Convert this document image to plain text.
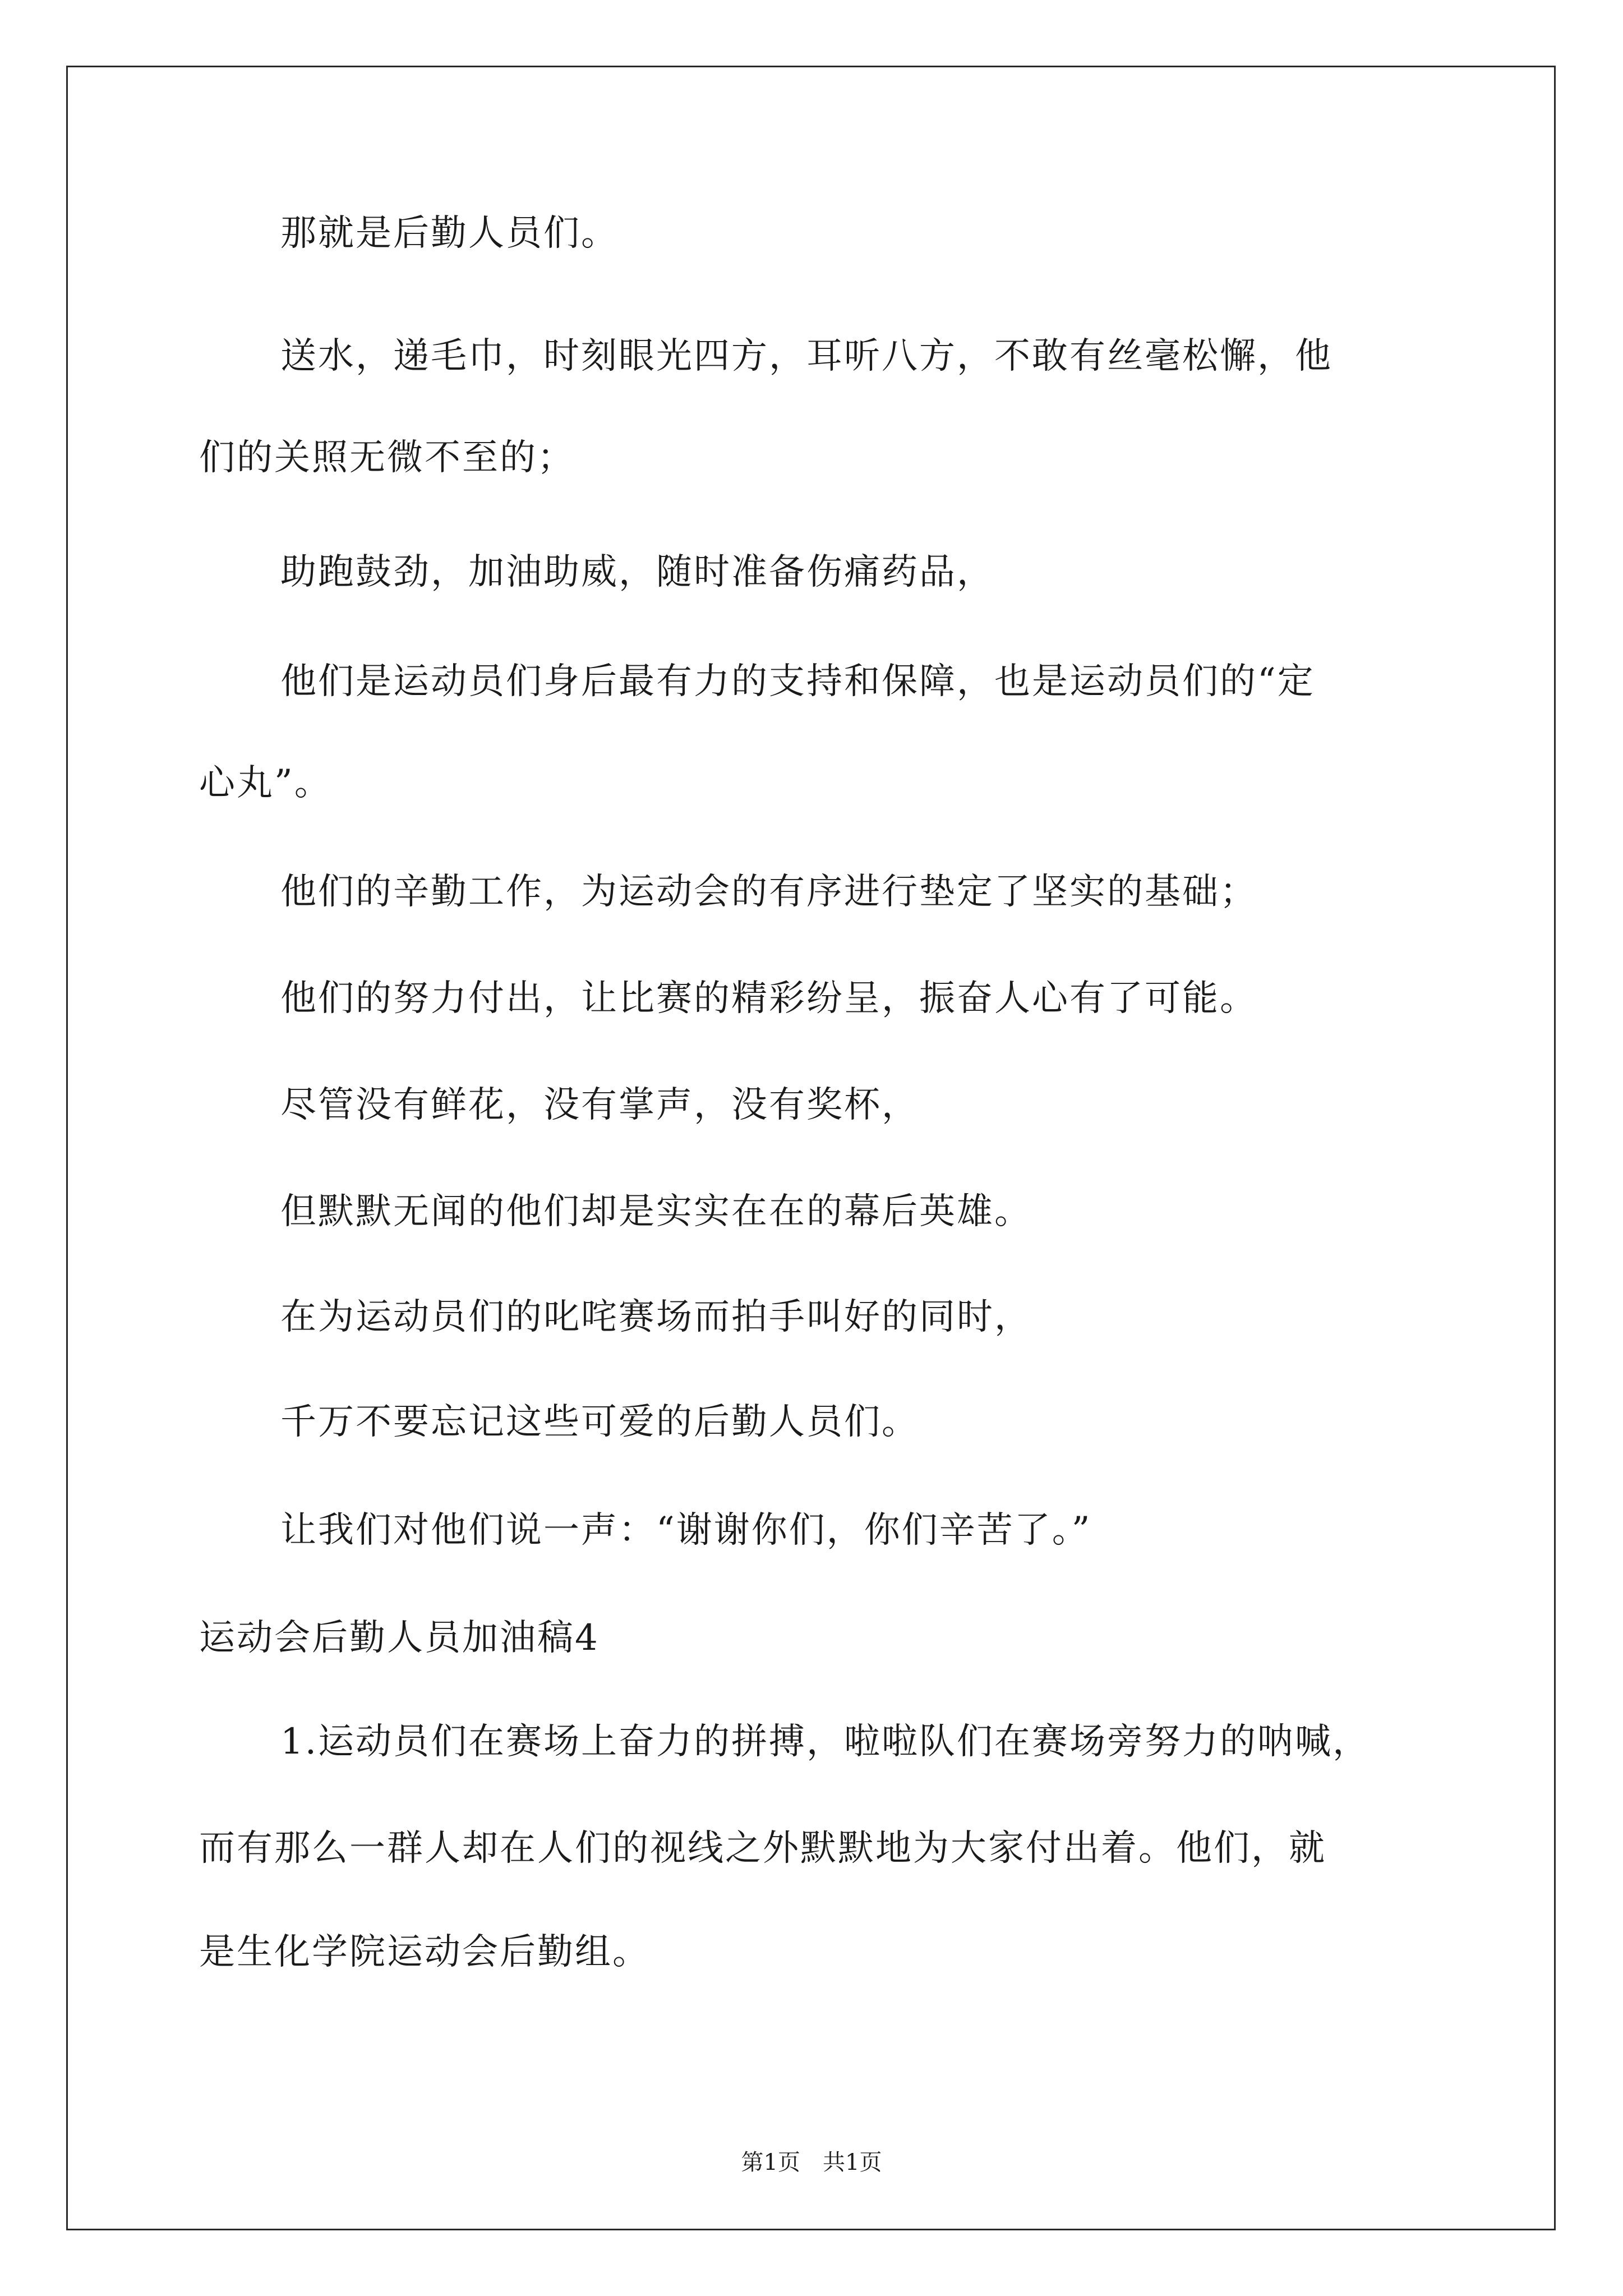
那就是后勤人员们。
送水，递毛巾，时刻眼光四方，耳听八方，不敢有丝毫松懈，他
们的关照无微不至的；
助跑鼓劲，加油助威，随时准备伤痛药品，
他们是运动员们身后最有力的支持和保障，也是运动员们的“定
心丸”。
他们的辛勤工作，为运动会的有序进行垫定了坚实的基础；
他们的努力付出，让比赛的精彩纷呈，振奋人心有了可能。
尽管没有鲜花，没有掌声，没有奖杯，
但默默无闻的他们却是实实在在的幕后英雄。
在为运动员们的叱咤赛场而拍手叫好的同时，
千万不要忘记这些可爱的后勤人员们。
让我们对他们说一声：“谢谢你们，你们辛苦了。”
运动会后勤人员加油稿4
1.运动员们在赛场上奋力的拼搏，啦啦队们在赛场旁努力的呐喊，
而有那么一群人却在人们的视线之外默默地为大家付出着。他们，就
是生化学院运动会后勤组。
第1页　共1页
